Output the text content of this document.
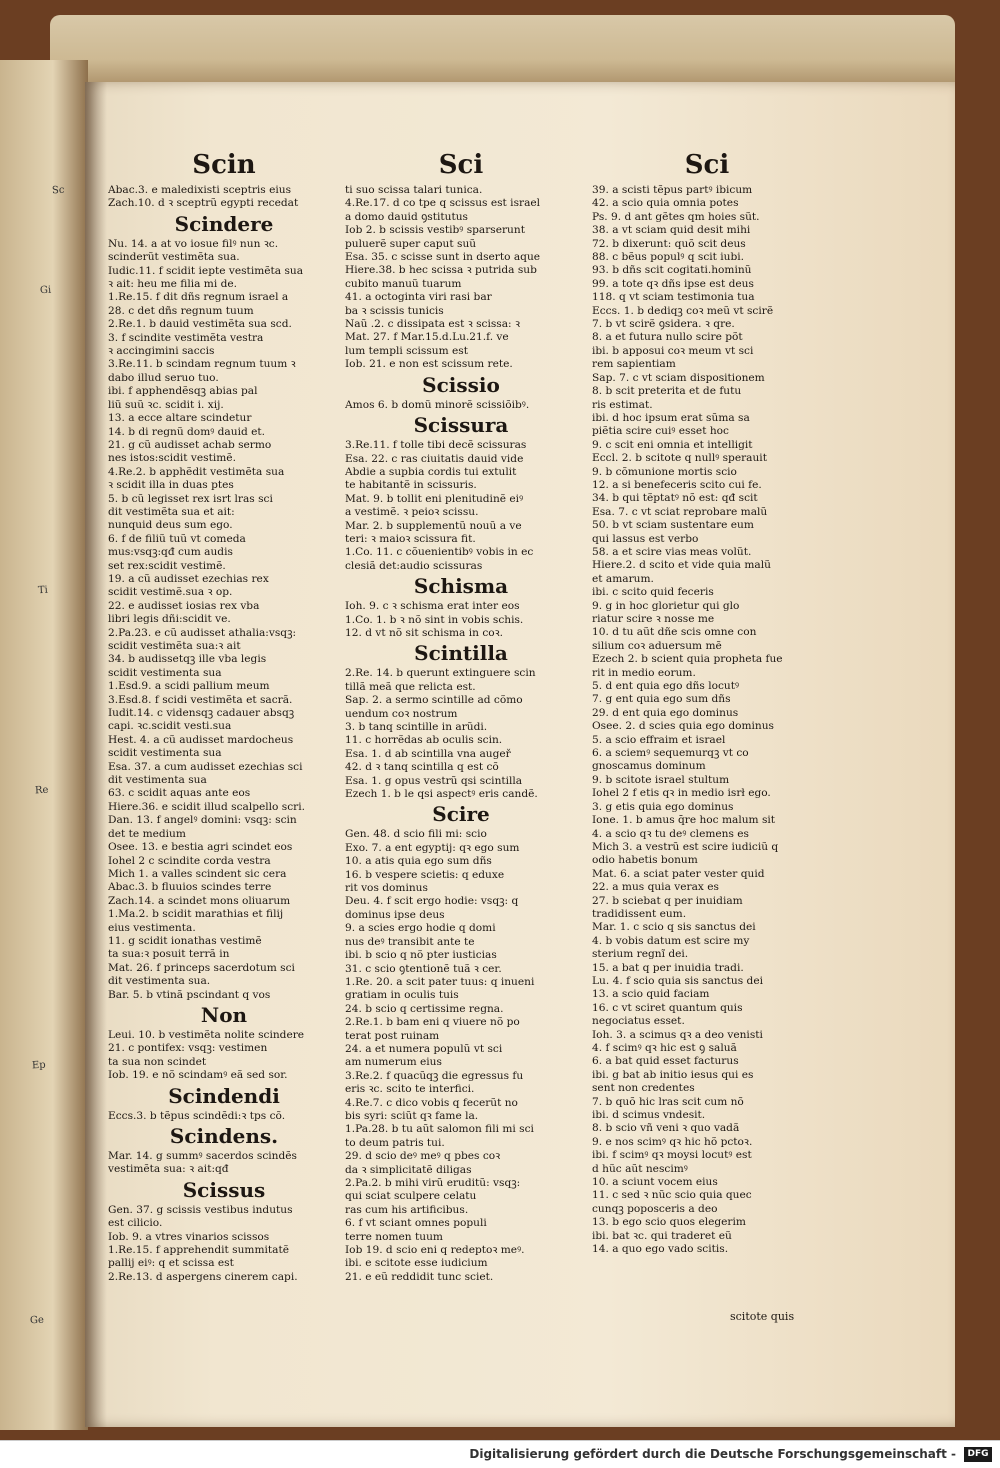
Sc
Gi
Ti
Re
Ep
Ge
Scin
Abac.3. e maledixisti sceptris eius
Zach.10. d ꝛ sceptrũ egypti recedat
Scindere
Nu. 14. a at vo iosue filꝰ nun ꝛc.
scinderũt vestimẽta sua.
Iudic.11. f scidit iepte vestimẽta sua
ꝛ ait: heu me filia mi de.
1.Re.15. f dit dñs regnum israel a
28. c det dñs regnum tuum
2.Re.1. b dauid vestimẽta sua scd.
3. f scindite vestimẽta vestra
ꝛ accingimini saccis
3.Re.11. b scindam regnum tuum ꝛ
dabo illud seruo tuo.
ibi. f apphendẽsqꝫ abias pal
liũ suũ ꝛc. scidit i. xij.
13. a ecce altare scindetur
14. b di regnũ domꝰ dauid et.
21. g cũ audisset achab sermo
nes istos:scidit vestimẽ.
4.Re.2. b apphẽdit vestimẽta sua
ꝛ scidit illa in duas ptes
5. b cũ legisset rex isrt lras sci
dit vestimẽta sua et ait:
nunquid deus sum ego.
6. f de filiũ tuũ vt comeda
mus:vsqꝫ:qđ cum audis
set rex:scidit vestimẽ.
19. a cũ audisset ezechias rex
scidit vestimẽ.sua ꝛ op.
22. e audisset iosias rex vba
libri legis dñi:scidit ve.
2.Pa.23. e cũ audisset athalia:vsqꝫ:
scidit vestimẽta sua:ꝛ ait
34. b audissetqꝫ ille vba legis
scidit vestimenta sua
1.Esd.9. a scidi pallium meum
3.Esd.8. f scidi vestimẽta et sacrã.
Iudit.14. c vidensqꝫ cadauer absqꝫ
capi. ꝛc.scidit vesti.sua
Hest. 4. a cũ audisset mardocheus
scidit vestimenta sua
Esa. 37. a cum audisset ezechias sci
dit vestimenta sua
63. c scidit aquas ante eos
Hiere.36. e scidit illud scalpello scri.
Dan. 13. f angelꝰ domini: vsqꝫ: scin
det te medium
Osee. 13. e bestia agri scindet eos
Iohel 2 c scindite corda vestra
Mich 1. a valles scindent sic cera
Abac.3. b fluuios scindes terre
Zach.14. a scindet mons oliuarum
1.Ma.2. b scidit marathias et filij
eius vestimenta.
11. g scidit ionathas vestimẽ
ta sua:ꝛ posuit terrã in
Mat. 26. f princeps sacerdotum sci
dit vestimenta sua.
Bar. 5. b vtinã pscindant q vos
Non
Leui. 10. b vestimẽta nolite scindere
21. c pontifex: vsqꝫ: vestimen
ta sua non scindet
Iob. 19. e nõ scindamꝰ eã sed sor.
Scindendi
Eccs.3. b tẽpus scindẽdi:ꝛ tps cõ.
Scindens.
Mar. 14. g summꝰ sacerdos scindẽs
vestimẽta sua: ꝛ ait:qđ
Scissus
Gen. 37. g scissis vestibus indutus
est cilicio.
Iob. 9. a vtres vinarios scissos
1.Re.15. f apprehendit summitatẽ
pallij eiꝰ: q et scissa est
2.Re.13. d aspergens cinerem capi.
Sci
ti suo scissa talari tunica.
4.Re.17. d co tpe q scissus est israel
a domo dauid ꝯstitutus
Iob 2. b scissis vestibꝰ sparserunt
puluerẽ super caput suũ
Esa. 35. c scisse sunt in dserto aque
Hiere.38. b hec scissa ꝛ putrida sub
cubito manuũ tuarum
41. a octoginta viri rasi bar
ba ꝛ scissis tunicis
Naũ .2. c dissipata est ꝛ scissa: ꝛ
Mat. 27. f Mar.15.d.Lu.21.f. ve
lum templi scissum est
Iob. 21. e non est scissum rete.
Scissio
Amos 6. b domũ minorẽ scissiõibꝰ.
Scissura
3.Re.11. f tolle tibi decẽ scissuras
Esa. 22. c ras ciuitatis dauid vide
Abdie a supbia cordis tui extulit
te habitantẽ in scissuris.
Mat. 9. b tollit eni plenitudinẽ eiꝰ
a vestimẽ. ꝛ peioꝛ scissu.
Mar. 2. b supplementũ nouũ a ve
teri: ꝛ maioꝛ scissura fit.
1.Co. 11. c cõuenientibꝰ vobis in ec
clesiã det:audio scissuras
Schisma
Ioh. 9. c ꝛ schisma erat inter eos
1.Co. 1. b ꝛ nõ sint in vobis schis.
12. d vt nõ sit schisma in coꝛ.
Scintilla
2.Re. 14. b querunt extinguere scin
tillã meã que relicta est.
Sap. 2. a sermo scintille ad cõmo
uendum coꝛ nostrum
3. b tanq scintille in arũdi.
11. c horrẽdas ab oculis scin.
Esa. 1. d ab scintilla vna augeř
42. d ꝛ tanq scintilla q est cõ
Esa. 1. g opus vestrũ qsi scintilla
Ezech 1. b le qsi aspectꝰ eris candẽ.
Scire
Gen. 48. d scio fili mi: scio
Exo. 7. a ent egyptij: qꝛ ego sum
10. a atis quia ego sum dñs
16. b vespere scietis: q eduxe
rit vos dominus
Deu. 4. f scit ergo hodie: vsqꝫ: q
dominus ipse deus
9. a scies ergo hodie q domi
nus deꝰ transibit ante te
ibi. b scio q nõ pter iusticias
31. c scio ꝯtentionẽ tuã ꝛ cer.
1.Re. 20. a scit pater tuus: q inueni
gratiam in oculis tuis
24. b scio q certissime regna.
2.Re.1. b bam eni q viuere nõ po
terat post ruinam
24. a et numera populũ vt sci
am numerum eius
3.Re.2. f quacũqꝫ die egressus fu
eris ꝛc. scito te interfici.
4.Re.7. c dico vobis q fecerũt no
bis syri: sciũt qꝛ fame la.
1.Pa.28. b tu aũt salomon fili mi sci
to deum patris tui.
29. d scio deꝰ meꝰ q pbes coꝛ
da ꝛ simplicitatẽ diligas
2.Pa.2. b mihi virũ eruditũ: vsqꝫ:
qui sciat sculpere celatu
ras cum his artificibus.
6. f vt sciant omnes populi
terre nomen tuum
Iob 19. d scio eni q redeptoꝛ meꝰ.
ibi. e scitote esse iudicium
21. e eũ reddidit tunc sciet.
Sci
39. a scisti tẽpus partꝰ ibicum
42. a scio quia omnia potes
Ps. 9. d ant gẽtes qm hoies sũt.
38. a vt sciam quid desit mihi
72. b dixerunt: quõ scit deus
88. c bẽus populꝰ q scit iubi.
93. b dñs scit cogitati.hominũ
99. a tote qꝛ dñs ipse est deus
118. q vt sciam testimonia tua
Eccs. 1. b dediqꝫ coꝛ meũ vt scirẽ
7. b vt scirẽ ꝯsidera. ꝛ qre.
8. a et futura nullo scire põt
ibi. b apposui coꝛ meum vt sci
rem sapientiam
Sap. 7. c vt sciam dispositionem
8. b scit preterita et de futu
ris estimat.
ibi. d hoc ipsum erat sũma sa
piẽtia scire cuiꝰ esset hoc
9. c scit eni omnia et intelligit
Eccl. 2. b scitote q nullꝰ sperauit
9. b cõmunione mortis scio
12. a si benefeceris scito cui fe.
34. b qui tẽptatꝰ nõ est: qđ scit
Esa. 7. c vt sciat reprobare malũ
50. b vt sciam sustentare eum
qui lassus est verbo
58. a et scire vias meas volũt.
Hiere.2. d scito et vide quia malũ
et amarum.
ibi. c scito quid feceris
9. g in hoc glorietur qui glo
riatur scire ꝛ nosse me
10. d tu aũt dñe scis omne con
silium coꝛ aduersum mẽ
Ezech 2. b scient quia propheta fue
rit in medio eorum.
5. d ent quia ego dñs locutꝰ
7. g ent quia ego sum dñs
29. d ent quia ego dominus
Osee. 2. d scies quia ego dominus
5. a scio effraim et israel
6. a sciemꝰ sequemurqꝫ vt co
gnoscamus dominum
9. b scitote israel stultum
Iohel 2 f etis qꝛ in medio isrł ego.
3. g etis quia ego dominus
Ione. 1. b amus q̄re hoc malum sit
4. a scio qꝛ tu deꝰ clemens es
Mich 3. a vestrũ est scire iudiciũ q
odio habetis bonum
Mat. 6. a sciat pater vester quid
22. a mus quia verax es
27. b sciebat q per inuidiam
tradidissent eum.
Mar. 1. c scio q sis sanctus dei
4. b vobis datum est scire my
sterium regnĩ dei.
15. a bat q per inuidia tradi.
Lu. 4. f scio quia sis sanctus dei
13. a scio quid faciam
16. c vt sciret quantum quis
negociatus esset.
Ioh. 3. a scimus qꝛ a deo venisti
4. f scimꝰ qꝛ hic est ꝯ saluã
6. a bat quid esset facturus
ibi. g bat ab initio iesus qui es
sent non credentes
7. b quõ hic lras scit cum nõ
ibi. d scimus vndesit.
8. b scio vñ veni ꝛ quo vadã
9. e nos scimꝰ qꝛ hic hõ pctoꝛ.
ibi. f scimꝰ qꝛ moysi locutꝰ est
d hũc aũt nescimꝰ
10. a sciunt vocem eius
11. c sed ꝛ nũc scio quia quec
cunqꝫ poposceris a deo
13. b ego scio quos elegerim
ibi. bat ꝛc. qui traderet eũ
14. a quo ego vado scitis.
scitote quis
Digitalisierung gefördert durch die Deutsche Forschungsgemeinschaft -	DFG
